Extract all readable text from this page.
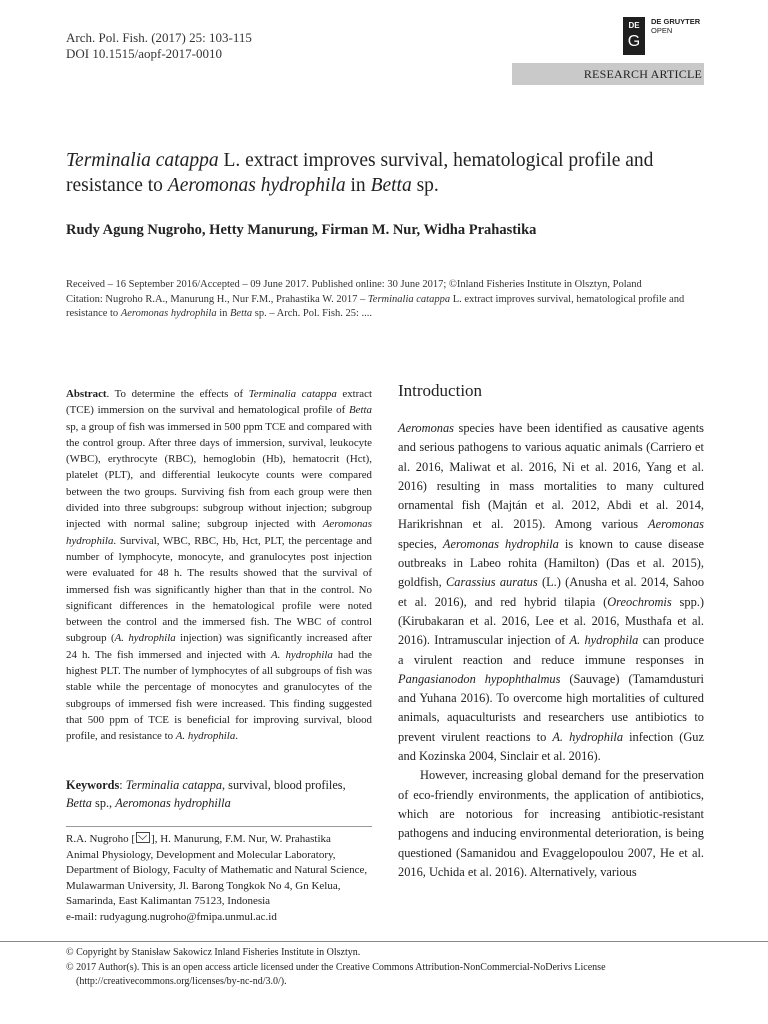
Arch. Pol. Fish. (2017) 25: 103-115
DOI 10.1515/aopf-2017-0010
DE
G
DE GRUYTER
OPEN
RESEARCH ARTICLE
Terminalia catappa L. extract improves survival, hematological profile and resistance to Aeromonas hydrophila in Betta sp.
Rudy Agung Nugroho, Hetty Manurung, Firman M. Nur, Widha Prahastika
Received – 16 September 2016/Accepted – 09 June 2017. Published online: 30 June 2017; ©Inland Fisheries Institute in Olsztyn, Poland
Citation: Nugroho R.A., Manurung H., Nur F.M., Prahastika W. 2017 – Terminalia catappa L. extract improves survival, hematological profile and resistance to Aeromonas hydrophila in Betta sp. – Arch. Pol. Fish. 25: ....
Abstract. To determine the effects of Terminalia catappa extract (TCE) immersion on the survival and hematological profile of Betta sp, a group of fish was immersed in 500 ppm TCE and compared with the control group. After three days of immersion, survival, leukocyte (WBC), erythrocyte (RBC), hemoglobin (Hb), hematocrit (Hct), platelet (PLT), and differential leukocyte counts were compared between the two groups. Surviving fish from each group were then divided into three subgroups: subgroup without injection; subgroup injected with normal saline; subgroup injected with Aeromonas hydrophila. Survival, WBC, RBC, Hb, Hct, PLT, the percentage and number of lymphocyte, monocyte, and granulocytes post injection were evaluated for 48 h. The results showed that the survival of immersed fish was significantly higher than that in the control. No significant differences in the hematological profile were noted between the control and the immersed fish. The WBC of control subgroup (A. hydrophila injection) was significantly increased after 24 h. The fish immersed and injected with A. hydrophila had the highest PLT. The number of lymphocytes of all subgroups of fish was stable while the percentage of monocytes and granulocytes of the subgroups of immersed fish were increased. This finding suggested that 500 ppm of TCE is beneficial for improving survival, blood profile, and resistance to A. hydrophila.
Keywords: Terminalia catappa, survival, blood profiles, Betta sp., Aeromonas hydrophilla
R.A. Nugroho [ ], H. Manurung, F.M. Nur, W. Prahastika
Animal Physiology, Development and Molecular Laboratory,
Department of Biology, Faculty of Mathematic and Natural Science,
Mulawarman University, Jl. Barong Tongkok No 4, Gn Kelua,
Samarinda, East Kalimantan 75123, Indonesia
e-mail: rudyagung.nugroho@fmipa.unmul.ac.id
Introduction

Aeromonas species have been identified as causative agents and serious pathogens to various aquatic animals (Carriero et al. 2016, Maliwat et al. 2016, Ni et al. 2016, Yang et al. 2016) resulting in mass mortalities to many cultured ornamental fish (Majtán et al. 2012, Abdi et al. 2014, Harikrishnan et al. 2015). Among various Aeromonas species, Aeromonas hydrophila is known to cause disease outbreaks in Labeo rohita (Hamilton) (Das et al. 2015), goldfish, Carassius auratus (L.) (Anusha et al. 2014, Sahoo et al. 2016), and red hybrid tilapia (Oreochromis spp.) (Kirubakaran et al. 2016, Lee et al. 2016, Musthafa et al. 2016). Intramuscular injection of A. hydrophila can produce a virulent reaction and reduce immune responses in Pangasianodon hypophthalmus (Sauvage) (Tamamdusturi and Yuhana 2016). To overcome high mortalities of cultured animals, aquaculturists and researchers use antibiotics to prevent virulent reactions to A. hydrophila infection (Guz and Kozinska 2004, Sinclair et al. 2016).

However, increasing global demand for the preservation of eco-friendly environments, the application of antibiotics, which are notorious for increasing antibiotic-resistant pathogens and inducing environmental deterioration, is being questioned (Samanidou and Evaggelopoulou 2007, He et al. 2016, Uchida et al. 2016). Alternatively, various

© Copyright by Stanisław Sakowicz Inland Fisheries Institute in Olsztyn.
© 2017 Author(s). This is an open access article licensed under the Creative Commons Attribution-NonCommercial-NoDerivs License
(http://creativecommons.org/licenses/by-nc-nd/3.0/).
